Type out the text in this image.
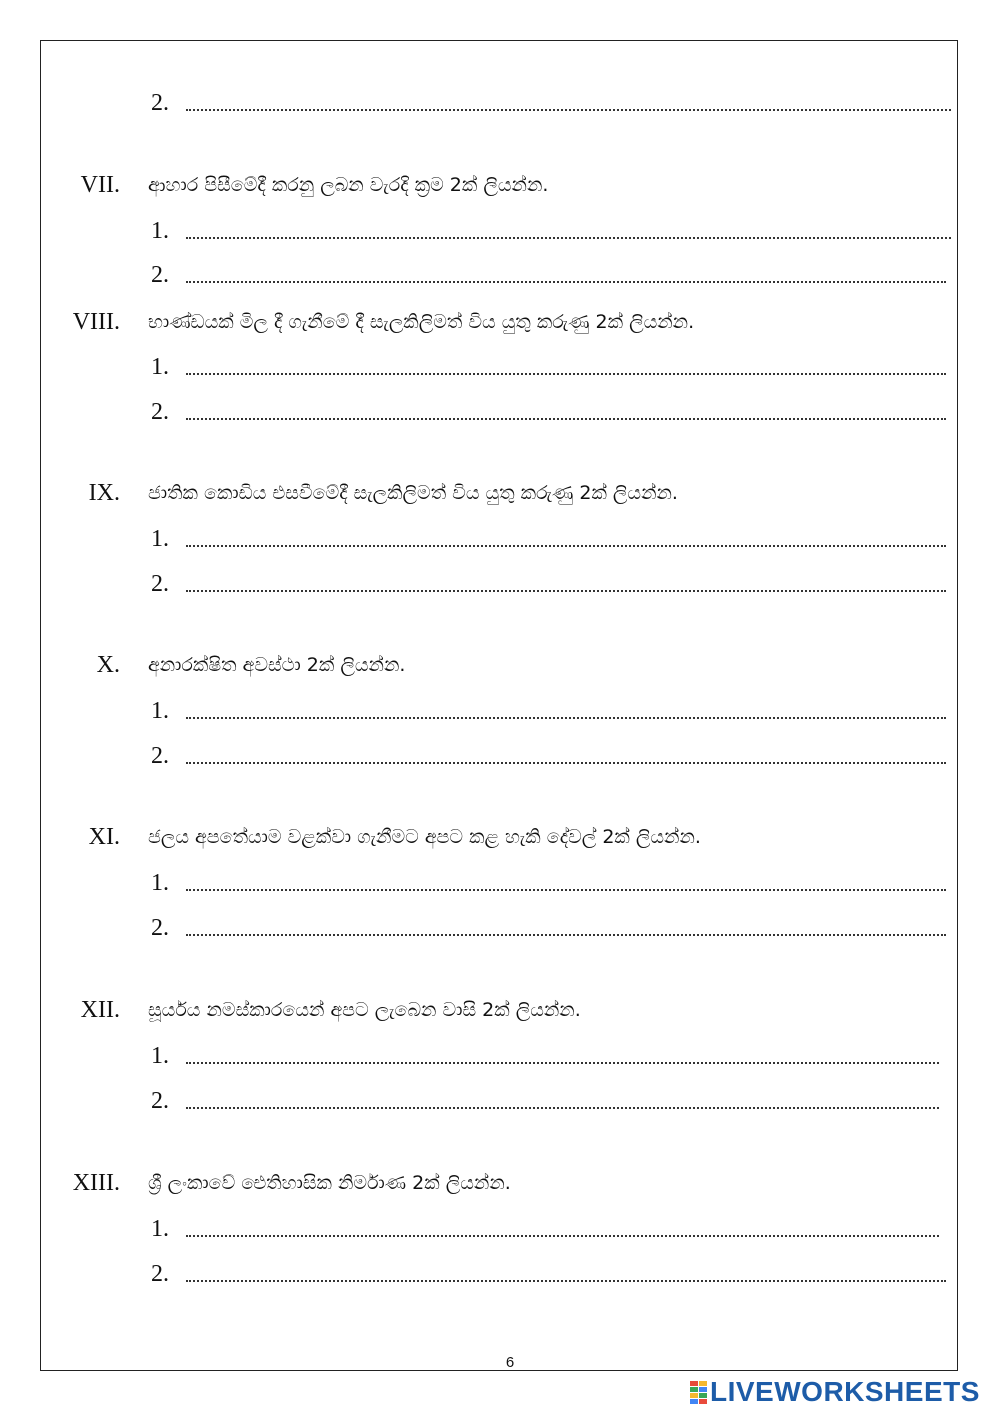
2.
VII. ආහාර පිසීමේදී කරනු ලබන වැරදි ක්‍රම 2ක් ලියන්න.
1.
2.
VIII. භාණ්ඩයක් මිල දී ගැනීමේ දී සැලකිලිමත් විය යුතු කරුණු 2ක් ලියන්න.
1.
2.
IX. ජාතික කොඩිය එසවීමේදී සැලකිලිමත් විය යුතු කරුණු 2ක් ලියන්න.
1.
2.
X. අනාරක්ෂිත අවස්ථා 2ක් ලියන්න.
1.
2.
XI. ජලය අපතේයාම වළක්වා ගැනීමට අපට කළ හැකි දේවල් 2ක් ලියන්න.
1.
2.
XII. සූර්යය නමස්කාරයෙන් අපට ලැබෙන වාසි 2ක් ලියන්න.
1.
2.
XIII. ශ්‍රී ලංකාවේ ඓතිහාසික නිර්මාණ 2ක් ලියන්න.
1.
2.
6
LIVEWORKSHEETS
